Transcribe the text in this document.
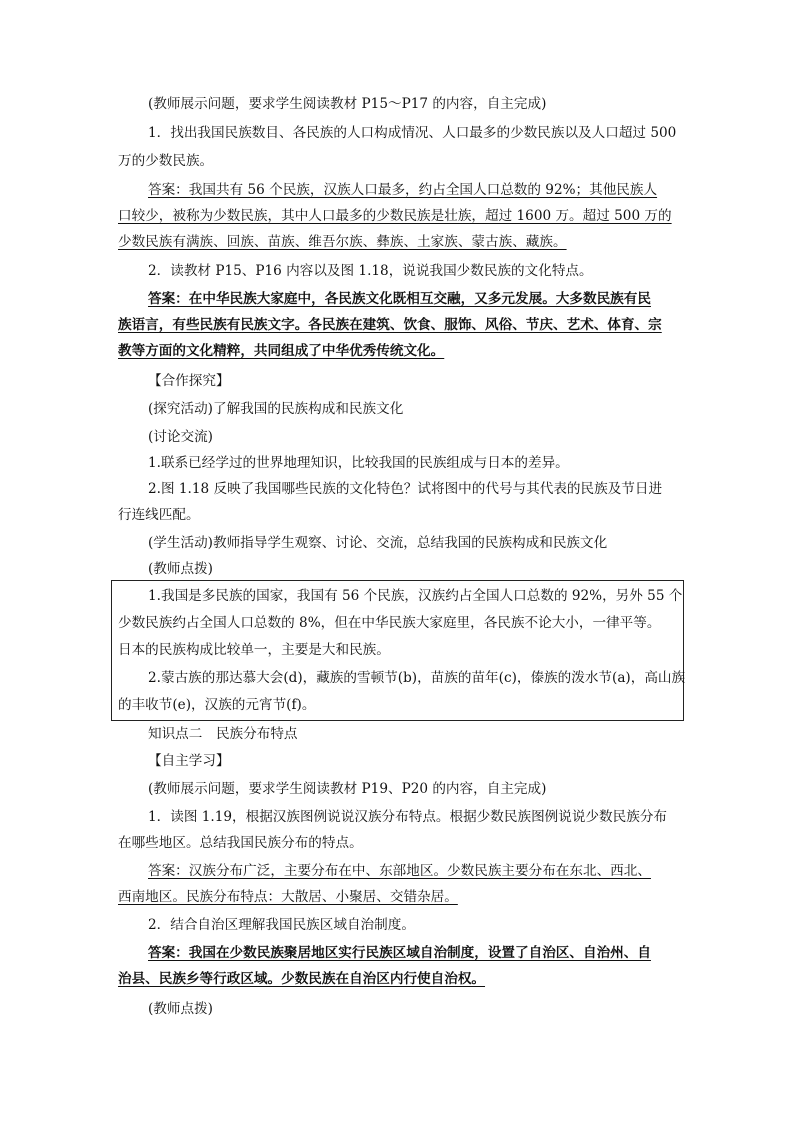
(教师展示问题，要求学生阅读教材 P15～P17 的内容，自主完成)
1．找出我国民族数目、各民族的人口构成情况、人口最多的少数民族以及人口超过 500
万的少数民族。
答案：我国共有 56 个民族，汉族人口最多，约占全国人口总数的 92%；其他民族人
口较少，被称为少数民族，其中人口最多的少数民族是壮族，超过 1600 万。超过 500 万的
少数民族有满族、回族、苗族、维吾尔族、彝族、土家族、蒙古族、藏族。
2．读教材 P15、P16 内容以及图 1.18，说说我国少数民族的文化特点。
答案：在中华民族大家庭中，各民族文化既相互交融，又多元发展。大多数民族有民
族语言，有些民族有民族文字。各民族在建筑、饮食、服饰、风俗、节庆、艺术、体育、宗
教等方面的文化精粹，共同组成了中华优秀传统文化。
【合作探究】
(探究活动)了解我国的民族构成和民族文化
(讨论交流)
1.联系已经学过的世界地理知识，比较我国的民族组成与日本的差异。
2.图 1.18 反映了我国哪些民族的文化特色？试将图中的代号与其代表的民族及节日进
行连线匹配。
(学生活动)教师指导学生观察、讨论、交流，总结我国的民族构成和民族文化
(教师点拨)
1.我国是多民族的国家，我国有 56 个民族，汉族约占全国人口总数的 92%，另外 55 个
少数民族约占全国人口总数的 8%，但在中华民族大家庭里，各民族不论大小，一律平等。
日本的民族构成比较单一，主要是大和民族。
2.蒙古族的那达慕大会(d)，藏族的雪顿节(b)，苗族的苗年(c)，傣族的泼水节(a)，高山族
的丰收节(e)，汉族的元宵节(f)。
知识点二　民族分布特点
【自主学习】
(教师展示问题，要求学生阅读教材 P19、P20 的内容，自主完成)
1．读图 1.19，根据汉族图例说说汉族分布特点。根据少数民族图例说说少数民族分布
在哪些地区。总结我国民族分布的特点。
答案：汉族分布广泛，主要分布在中、东部地区。少数民族主要分布在东北、西北、
西南地区。民族分布特点：大散居、小聚居、交错杂居。
2．结合自治区理解我国民族区域自治制度。
答案：我国在少数民族聚居地区实行民族区域自治制度，设置了自治区、自治州、自
治县、民族乡等行政区域。少数民族在自治区内行使自治权。
(教师点拨)
